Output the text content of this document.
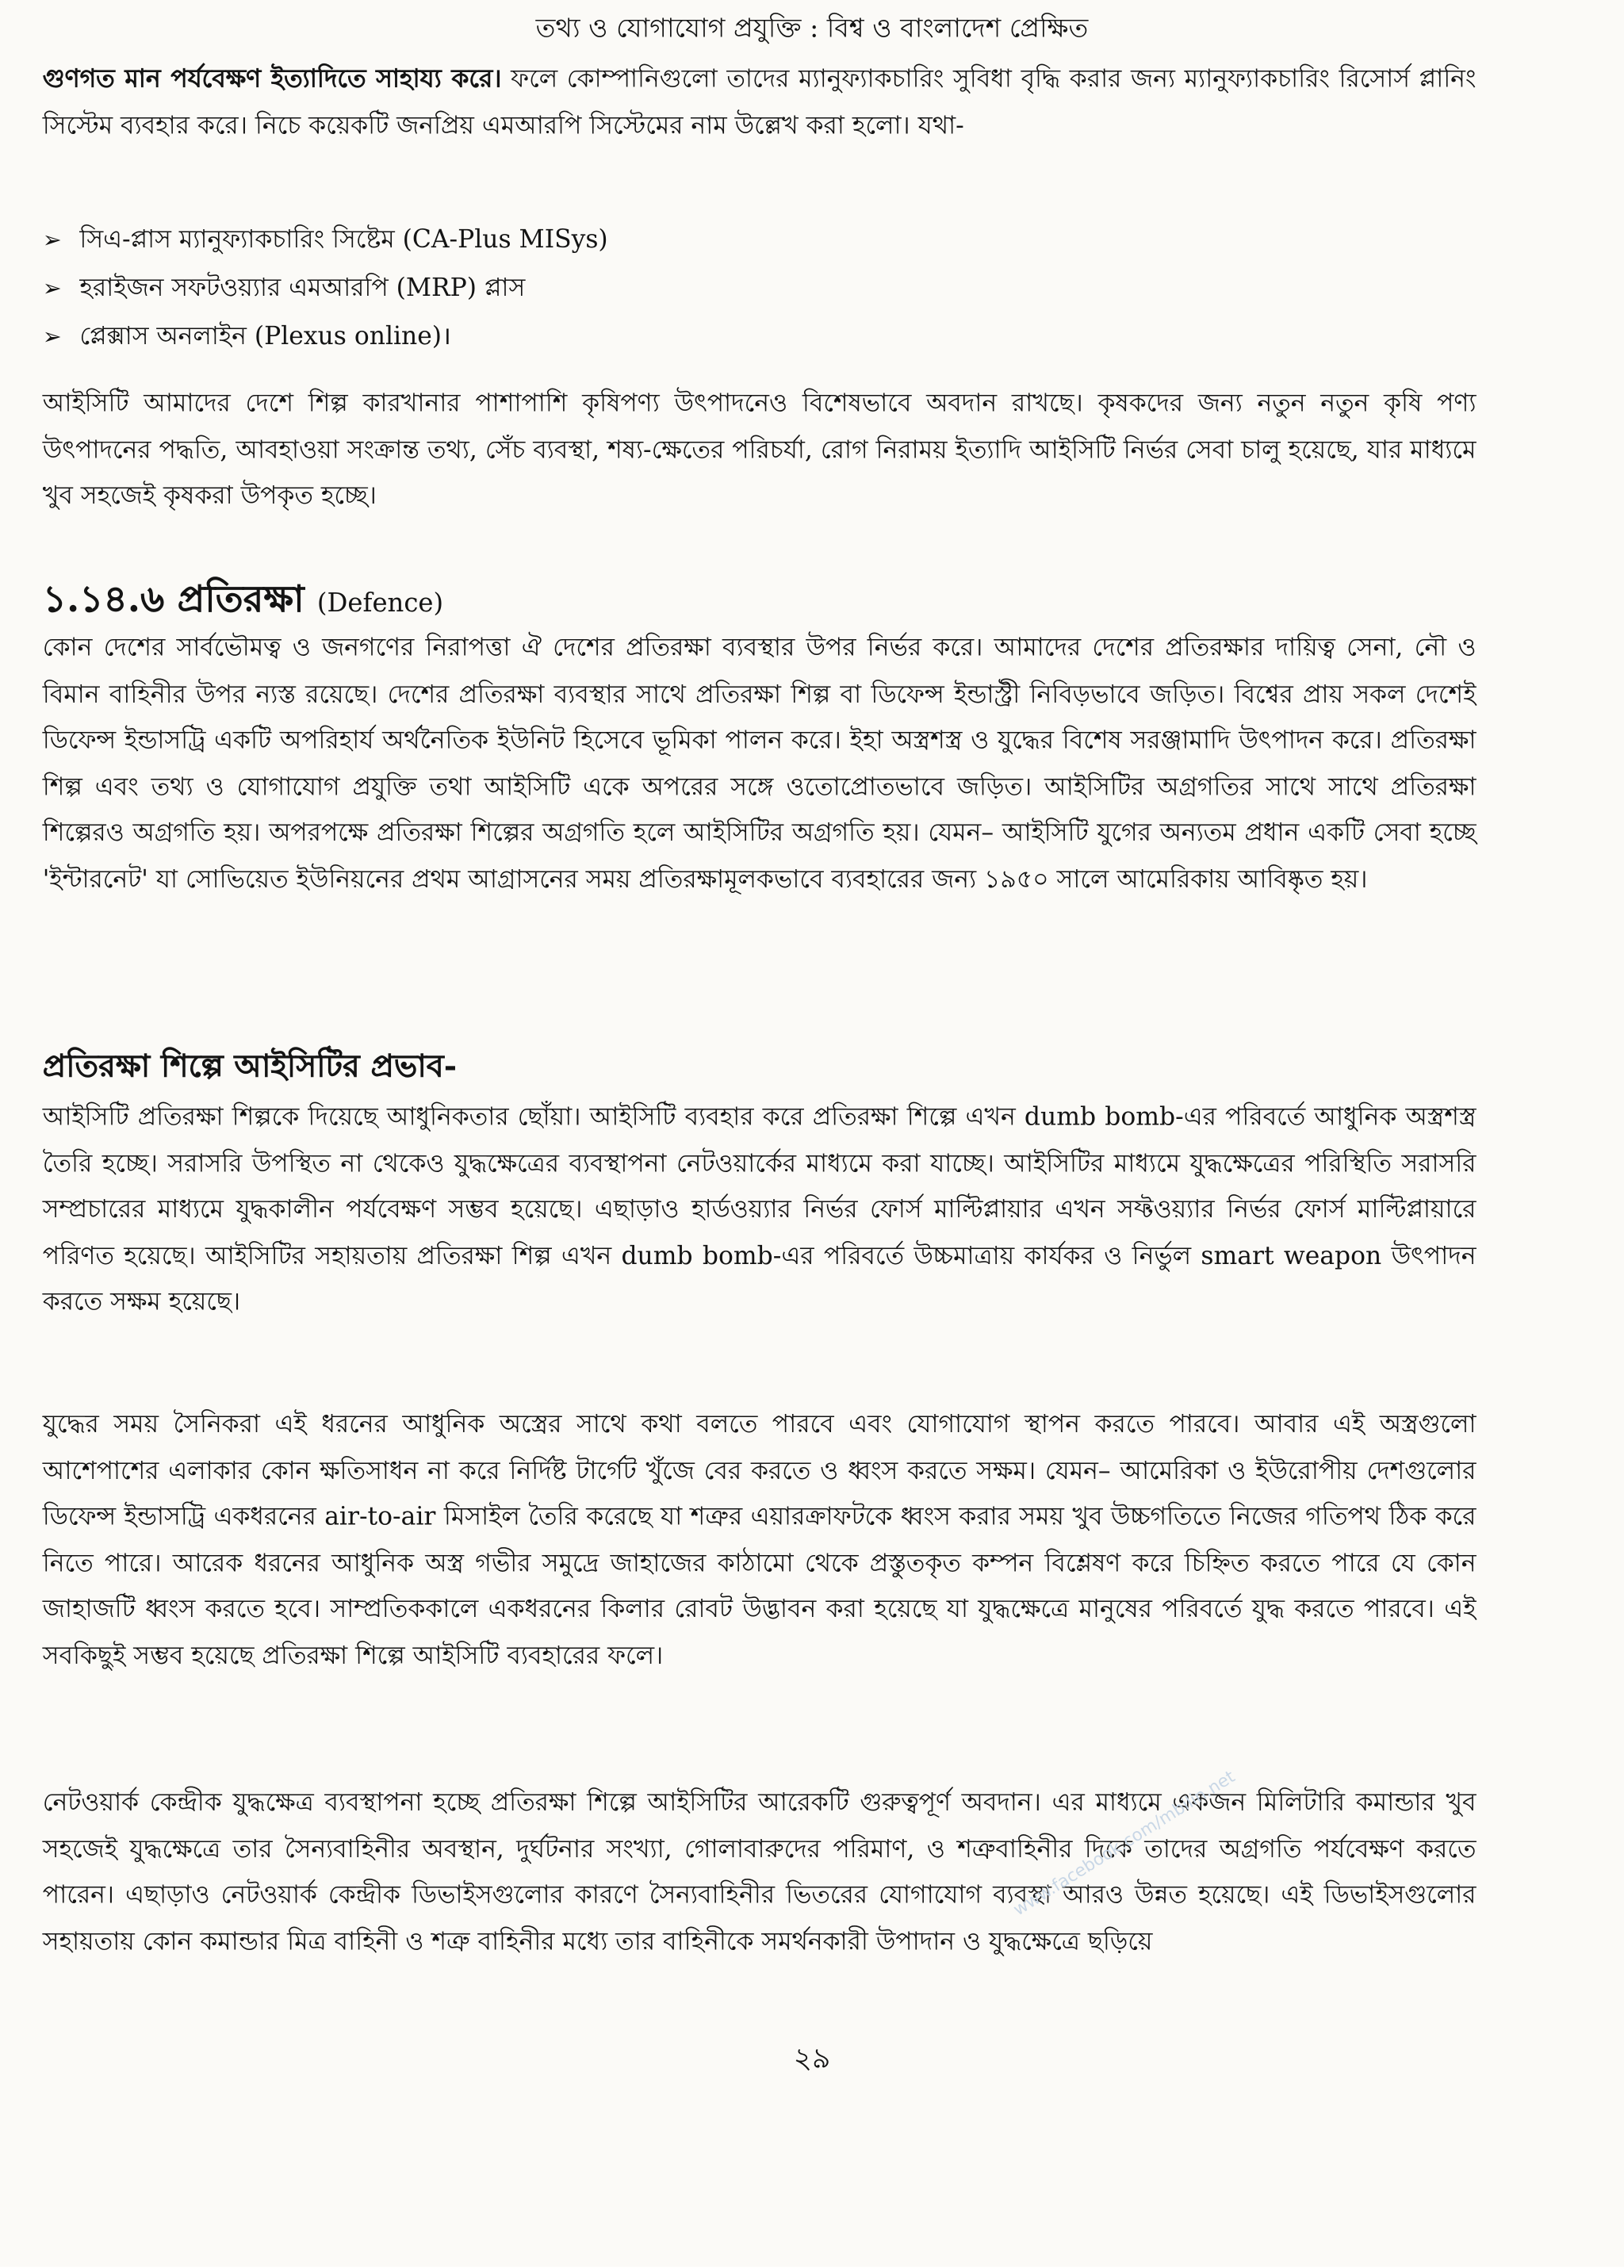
তথ্য ও যোগাযোগ প্রযুক্তি : বিশ্ব ও বাংলাদেশ প্রেক্ষিত
গুণগত মান পর্যবেক্ষণ ইত্যাদিতে সাহায্য করে। ফলে কোম্পানিগুলো তাদের ম্যানুফ্যাকচারিং সুবিধা বৃদ্ধি করার জন্য ম্যানুফ্যাকচারিং রিসোর্স প্লানিং সিস্টেম ব্যবহার করে। নিচে কয়েকটি জনপ্রিয় এমআরপি সিস্টেমের নাম উল্লেখ করা হলো। যথা-
➢ সিএ-প্লাস ম্যানুফ্যাকচারিং সিষ্টেম (CA-Plus MISys)
➢ হরাইজন সফটওয়্যার এমআরপি (MRP) প্লাস
➢ প্লেক্সাস অনলাইন (Plexus online)।
আইসিটি আমাদের দেশে শিল্প কারখানার পাশাপাশি কৃষিপণ্য উৎপাদনেও বিশেষভাবে অবদান রাখছে। কৃষকদের জন্য নতুন নতুন কৃষি পণ্য উৎপাদনের পদ্ধতি, আবহাওয়া সংক্রান্ত তথ্য, সেঁচ ব্যবস্থা, শষ্য-ক্ষেতের পরিচর্যা, রোগ নিরাময় ইত্যাদি আইসিটি নির্ভর সেবা চালু হয়েছে, যার মাধ্যমে খুব সহজেই কৃষকরা উপকৃত হচ্ছে।
১.১৪.৬ প্রতিরক্ষা (Defence)
কোন দেশের সার্বভৌমত্ব ও জনগণের নিরাপত্তা ঐ দেশের প্রতিরক্ষা ব্যবস্থার উপর নির্ভর করে। আমাদের দেশের প্রতিরক্ষার দায়িত্ব সেনা, নৌ ও বিমান বাহিনীর উপর ন্যস্ত রয়েছে। দেশের প্রতিরক্ষা ব্যবস্থার সাথে প্রতিরক্ষা শিল্প বা ডিফেন্স ইন্ডাস্ট্রী নিবিড়ভাবে জড়িত। বিশ্বের প্রায় সকল দেশেই ডিফেন্স ইন্ডাসট্রি একটি অপরিহার্য অর্থনৈতিক ইউনিট হিসেবে ভূমিকা পালন করে। ইহা অস্ত্রশস্ত্র ও যুদ্ধের বিশেষ সরঞ্জামাদি উৎপাদন করে। প্রতিরক্ষা শিল্প এবং তথ্য ও যোগাযোগ প্রযুক্তি তথা আইসিটি একে অপরের সঙ্গে ওতোপ্রোতভাবে জড়িত। আইসিটির অগ্রগতির সাথে সাথে প্রতিরক্ষা শিল্পেরও অগ্রগতি হয়। অপরপক্ষে প্রতিরক্ষা শিল্পের অগ্রগতি হলে আইসিটির অগ্রগতি হয়। যেমন– আইসিটি যুগের অন্যতম প্রধান একটি সেবা হচ্ছে 'ইন্টারনেট' যা সোভিয়েত ইউনিয়নের প্রথম আগ্রাসনের সময় প্রতিরক্ষামূলকভাবে ব্যবহারের জন্য ১৯৫০ সালে আমেরিকায় আবিষ্কৃত হয়।
প্রতিরক্ষা শিল্পে আইসিটির প্রভাব-
আইসিটি প্রতিরক্ষা শিল্পকে দিয়েছে আধুনিকতার ছোঁয়া। আইসিটি ব্যবহার করে প্রতিরক্ষা শিল্পে এখন dumb bomb-এর পরিবর্তে আধুনিক অস্ত্রশস্ত্র তৈরি হচ্ছে। সরাসরি উপস্থিত না থেকেও যুদ্ধক্ষেত্রের ব্যবস্থাপনা নেটওয়ার্কের মাধ্যমে করা যাচ্ছে। আইসিটির মাধ্যমে যুদ্ধক্ষেত্রের পরিস্থিতি সরাসরি সম্প্রচারের মাধ্যমে যুদ্ধকালীন পর্যবেক্ষণ সম্ভব হয়েছে। এছাড়াও হার্ডওয়্যার নির্ভর ফোর্স মাল্টিপ্লায়ার এখন সফ্টওয়্যার নির্ভর ফোর্স মাল্টিপ্লায়ারে পরিণত হয়েছে। আইসিটির সহায়তায় প্রতিরক্ষা শিল্প এখন dumb bomb-এর পরিবর্তে উচ্চমাত্রায় কার্যকর ও নির্ভুল smart weapon উৎপাদন করতে সক্ষম হয়েছে।
যুদ্ধের সময় সৈনিকরা এই ধরনের আধুনিক অস্ত্রের সাথে কথা বলতে পারবে এবং যোগাযোগ স্থাপন করতে পারবে। আবার এই অস্ত্রগুলো আশেপাশের এলাকার কোন ক্ষতিসাধন না করে নির্দিষ্ট টার্গেট খুঁজে বের করতে ও ধ্বংস করতে সক্ষম। যেমন– আমেরিকা ও ইউরোপীয় দেশগুলোর ডিফেন্স ইন্ডাসট্রি একধরনের air-to-air মিসাইল তৈরি করেছে যা শত্রুর এয়ারক্রাফটকে ধ্বংস করার সময় খুব উচ্চগতিতে নিজের গতিপথ ঠিক করে নিতে পারে। আরেক ধরনের আধুনিক অস্ত্র গভীর সমুদ্রে জাহাজের কাঠামো থেকে প্রস্তুতকৃত কম্পন বিশ্লেষণ করে চিহ্নিত করতে পারে যে কোন জাহাজটি ধ্বংস করতে হবে। সাম্প্রতিককালে একধরনের কিলার রোবট উদ্ভাবন করা হয়েছে যা যুদ্ধক্ষেত্রে মানুষের পরিবর্তে যুদ্ধ করতে পারবে। এই সবকিছুই সম্ভব হয়েছে প্রতিরক্ষা শিল্পে আইসিটি ব্যবহারের ফলে।
নেটওয়ার্ক কেন্দ্রীক যুদ্ধক্ষেত্র ব্যবস্থাপনা হচ্ছে প্রতিরক্ষা শিল্পে আইসিটির আরেকটি গুরুত্বপূর্ণ অবদান। এর মাধ্যমে একজন মিলিটারি কমান্ডার খুব সহজেই যুদ্ধক্ষেত্রে তার সৈন্যবাহিনীর অবস্থান, দুর্ঘটনার সংখ্যা, গোলাবারুদের পরিমাণ, ও শত্রুবাহিনীর দিকে তাদের অগ্রগতি পর্যবেক্ষণ করতে পারেন। এছাড়াও নেটওয়ার্ক কেন্দ্রীক ডিভাইসগুলোর কারণে সৈন্যবাহিনীর ভিতরের যোগাযোগ ব্যবস্থা আরও উন্নত হয়েছে। এই ডিভাইসগুলোর সহায়তায় কোন কমান্ডার মিত্র বাহিনী ও শত্রু বাহিনীর মধ্যে তার বাহিনীকে সমর্থনকারী উপাদান ও যুদ্ধক্ষেত্রে ছড়িয়ে
www.facebook.com/mbilin.net
২৯
